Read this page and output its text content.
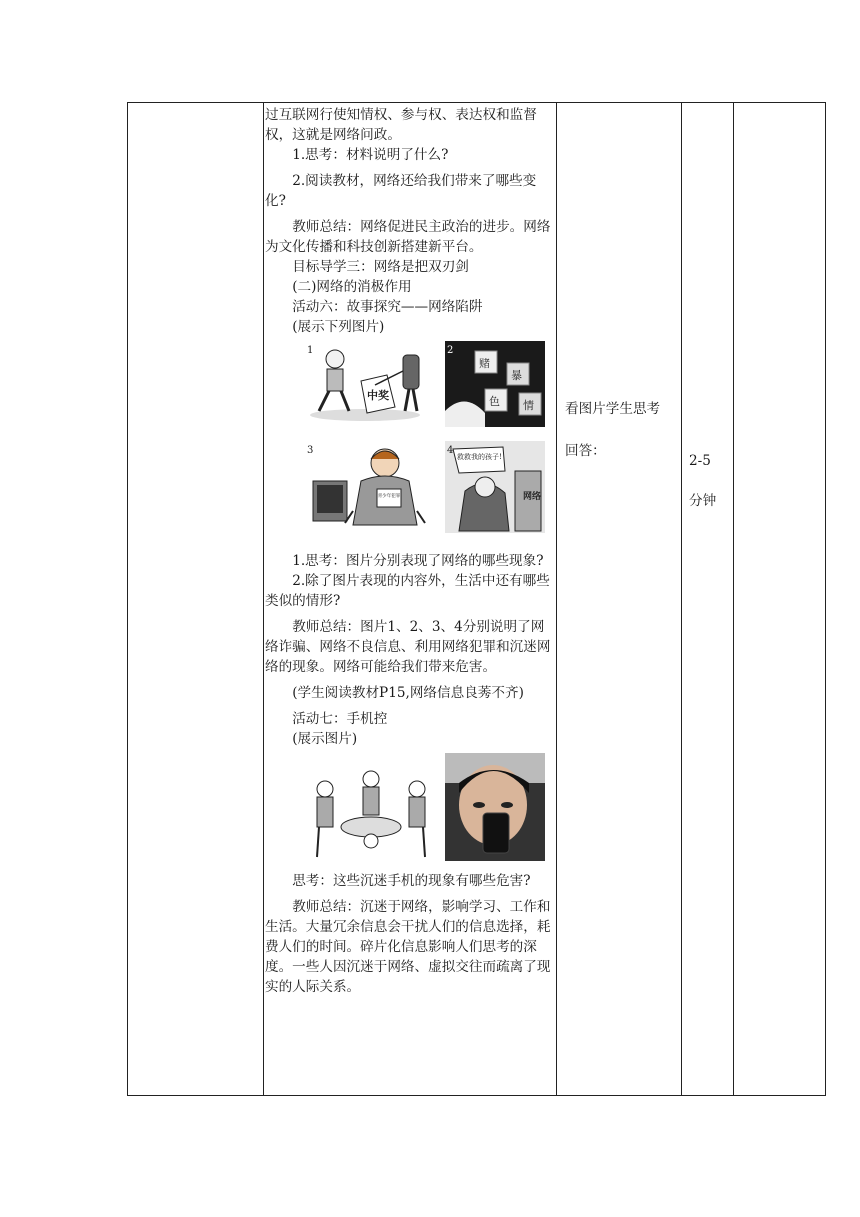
过互联网行使知情权、参与权、表达权和监督权，这就是网络问政。

1.思考：材料说明了什么?

2.阅读教材，网络还给我们带来了哪些变化?

教师总结：网络促进民主政治的进步。网络为文化传播和科技创新搭建新平台。

目标导学三：网络是把双刃剑

(二)网络的消极作用

活动六：故事探究——网络陷阱

(展示下列图片)

1
中奖
2
赌
暴
色 情
3
青少年犯罪
4
救救我的孩子!
网络

1.思考：图片分别表现了网络的哪些现象?

2.除了图片表现的内容外，生活中还有哪些类似的情形?

教师总结：图片1、2、3、4分别说明了网络诈骗、网络不良信息、利用网络犯罪和沉迷网络的现象。网络可能给我们带来危害。

(学生阅读教材P15,网络信息良莠不齐)

活动七：手机控

(展示图片)

思考：这些沉迷手机的现象有哪些危害?

教师总结：沉迷于网络，影响学习、工作和生活。大量冗余信息会干扰人们的信息选择，耗费人们的时间。碎片化信息影响人们思考的深度。一些人因沉迷于网络、虚拟交往而疏离了现实的人际关系。

看图片学生思考

回答：

2-5

分钟
